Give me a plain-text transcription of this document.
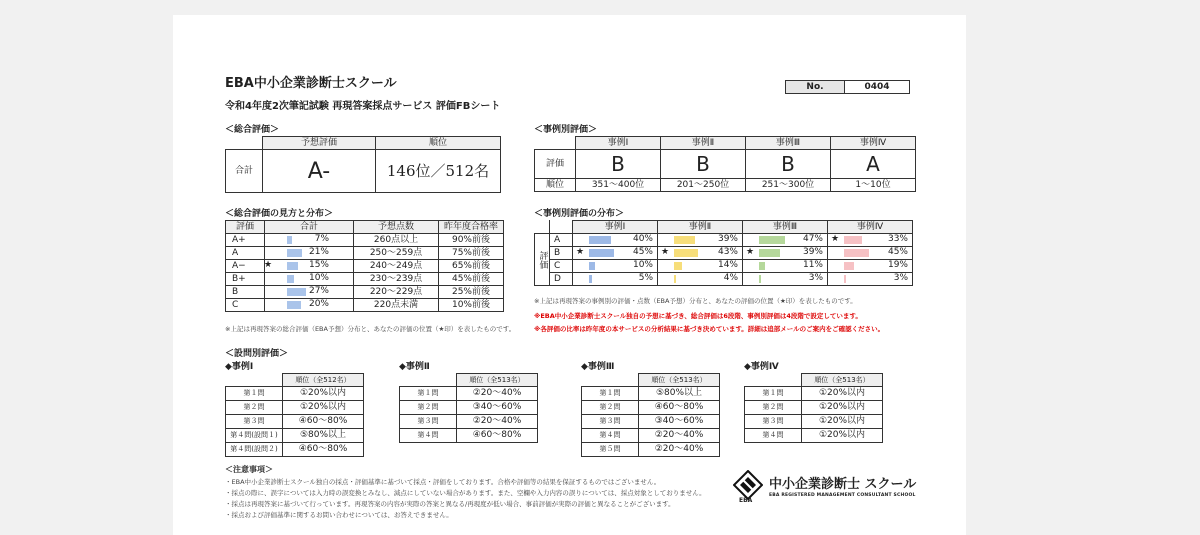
EBA中小企業診断士スクール
令和4年度2次筆記試験 再現答案採点サービス 評価FBシート
No.	0404
＜総合評価＞
	予想評価	順位
合計	A-	146位／512名
＜事例別評価＞
	事例Ⅰ	事例Ⅱ	事例Ⅲ	事例Ⅳ
評価	B	B	B	A
順位	351～400位	201～250位	251～300位	1～10位
＜総合評価の見方と分布＞
評価	合計	予想点数	昨年度合格率
A+	7%	260点以上	90%前後
A	21%	250～259点	75%前後
A−	★ 15%	240～249点	65%前後
B+	10%	230～239点	45%前後
B	27%	220～229点	25%前後
C	20%	220点未満	10%前後
※上記は再現答案の総合評価（EBA予想）分布と、あなたの評価の位置（★印）を表したものです。
＜事例別評価の分布＞
		事例Ⅰ	事例Ⅱ	事例Ⅲ	事例Ⅳ
評価	A	40%	39%	47%	★ 33%

	B	★ 45%	★ 43%	★ 39%	45%

	C	10%	14%	11%	19%

	D	5%	4%	3%	3%
※上記は再現答案の事例別の評価・点数（EBA予想）分布と、あなたの評価の位置（★印）を表したものです。
※EBA中小企業診断士スクール独自の予想に基づき、総合評価は6段階、事例別評価は4段階で設定しています。
※各評価の比率は昨年度の本サービスの分析結果に基づき決めています。詳細は追部メールのご案内をご確認ください。
＜設問別評価＞
◆事例Ⅰ
	順位（全512名）
第１問	①20%以内
第２問	①20%以内
第３問	④60～80%
第４問(設問１)	⑤80%以上
第４問(設問２)	④60～80%
◆事例Ⅱ
	順位（全513名）
第１問	②20～40%
第２問	③40～60%
第３問	②20～40%
第４問	④60～80%
◆事例Ⅲ
	順位（全513名）
第１問	⑤80%以上
第２問	④60～80%
第３問	③40～60%
第４問	②20～40%
第５問	②20～40%
◆事例Ⅳ
	順位（全513名）
第１問	①20%以内
第２問	①20%以内
第３問	①20%以内
第４問	①20%以内
＜注意事項＞
・EBA中小企業診断士スクール独自の採点・評価基準に基づいて採点・評価をしております。合格や評価等の結果を保証するものではございません。
・採点の際に、誤字については入力時の誤変換とみなし、減点にしていない場合があります。また、空欄や入力内容の誤りについては、採点対象としておりません。
・採点は再現答案に基づいて行っています。再現答案の内容が実際の答案と異なる/再現度が低い場合、事前評価が実際の評価と異なることがございます。
・採点および評価基準に関するお問い合わせについては、お答えできません。
EBA
中小企業診断士 スクール
EBA REGISTERED MANAGEMENT CONSULTANT SCHOOL
